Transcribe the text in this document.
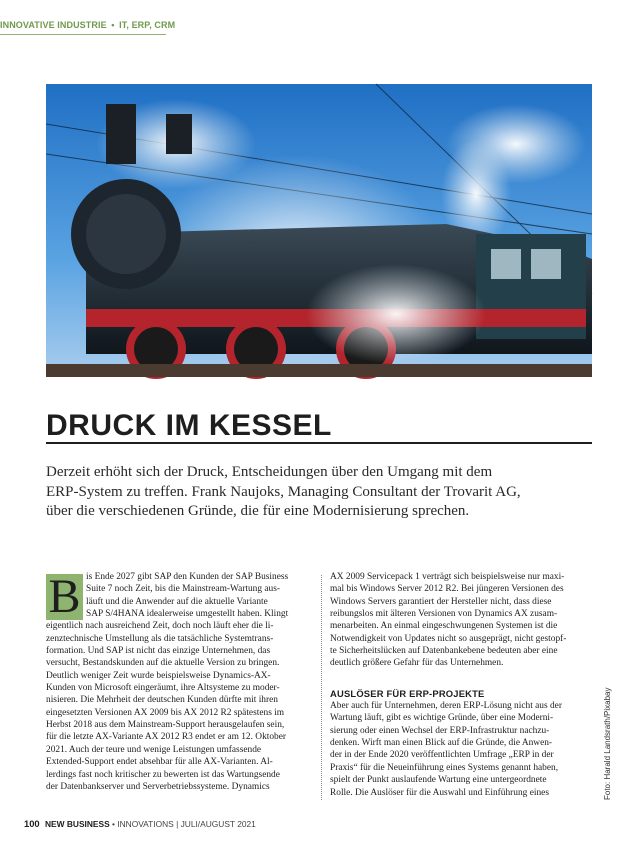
INNOVATIVE INDUSTRIE • IT, ERP, CRM
DRUCK IM KESSEL

Derzeit erhöht sich der Druck, Entscheidungen über den Umgang mit dem

ERP-System zu treffen. Frank Naujoks, Managing Consultant der Trovarit AG,

über die verschiedenen Gründe, die für eine Modernisierung sprechen.

B is Ende 2027 gibt SAP den Kunden der SAP Business

Suite 7 noch Zeit, bis die Mainstream-Wartung aus-

läuft und die Anwender auf die aktuelle Variante

SAP S/4HANA idealerweise umgestellt haben. Klingt

eigentlich nach ausreichend Zeit, doch noch läuft eher die li-

zenztechnische Umstellung als die tatsächliche Systemtrans-

formation. Und SAP ist nicht das einzige Unternehmen, das

versucht, Bestandskunden auf die aktuelle Version zu bringen.

Deutlich weniger Zeit wurde beispielsweise Dynamics-AX-

Kunden von Microsoft eingeräumt, ihre Altsysteme zu moder-

nisieren. Die Mehrheit der deutschen Kunden dürfte mit ihren

eingesetzten Versionen AX 2009 bis AX 2012 R2 spätestens im

Herbst 2018 aus dem Mainstream-Support herausgelaufen sein,

für die letzte AX-Variante AX 2012 R3 endet er am 12. Oktober

2021. Auch der teure und wenige Leistungen umfassende

Extended-Support endet absehbar für alle AX-Varianten. Al-

lerdings fast noch kritischer zu bewerten ist das Wartungsende

der Datenbankserver und Serverbetriebssysteme. Dynamics

AX 2009 Servicepack 1 verträgt sich beispielsweise nur maxi-

mal bis Windows Server 2012 R2. Bei jüngeren Versionen des

Windows Servers garantiert der Hersteller nicht, dass diese

reibungslos mit älteren Versionen von Dynamics AX zusam-

menarbeiten. An einmal eingeschwungenen Systemen ist die

Notwendigkeit von Updates nicht so ausgeprägt, nicht gestopf-

te Sicherheitslücken auf Datenbankebene bedeuten aber eine

deutlich größere Gefahr für das Unternehmen.

AUSLÖSER FÜR ERP-PROJEKTE

Aber auch für Unternehmen, deren ERP-Lösung nicht aus der

Wartung läuft, gibt es wichtige Gründe, über eine Moderni-

sierung oder einen Wechsel der ERP-Infrastruktur nachzu-

denken. Wirft man einen Blick auf die Gründe, die Anwen-

der in der Ende 2020 veröffentlichten Umfrage „ERP in der

Praxis“ für die Neueinführung eines Systems genannt haben,

spielt der Punkt auslaufende Wartung eine untergeordnete

Rolle. Die Auslöser für die Auswahl und Einführung eines	Foto: Harald Landsrath/Pixabay
100 NEW BUSINESS • INNOVATIONS | JULI/AUGUST 2021
